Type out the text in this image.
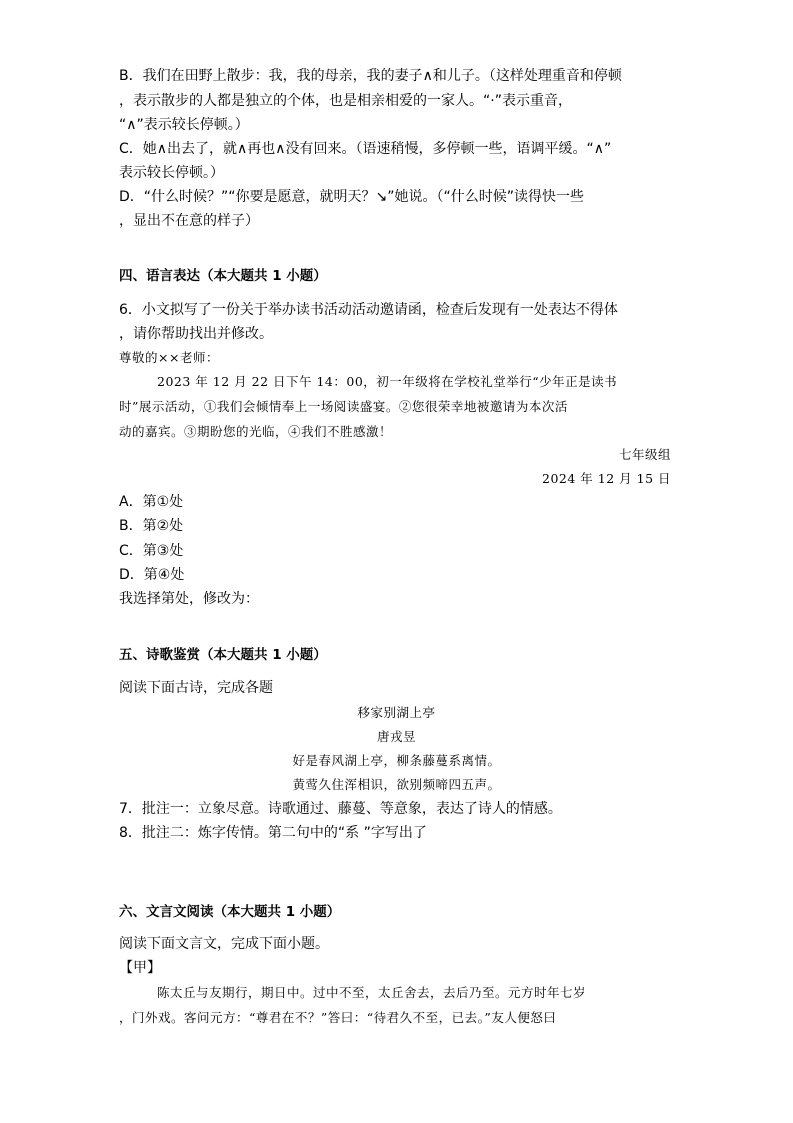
B．我们在田野上散步：我，我的母亲，我的妻子∧和儿子。（这样处理重音和停顿
，表示散步的人都是独立的个体，也是相亲相爱的一家人。“·”表示重音，
“∧”表示较长停顿。）
C．她∧出去了，就∧再也∧没有回来。（语速稍慢，多停顿一些，语调平缓。“∧”
表示较长停顿。）
D．“什么时候？”“你要是愿意，就明天？↘”她说。（“什么时候”读得快一些
，显出不在意的样子）
四、语言表达（本大题共 1 小题）
6．小文拟写了一份关于举办读书活动活动邀请函，检查后发现有一处表达不得体
，请你帮助找出并修改。
尊敬的××老师：
2023 年 12 月 22 日下午 14：00，初一年级将在学校礼堂举行“少年正是读书
时”展示活动，①我们会倾情奉上一场阅读盛宴。②您很荣幸地被邀请为本次活
动的嘉宾。③期盼您的光临，④我们不胜感激！
七年级组
2024 年 12 月 15 日
A．第①处
B．第②处
C．第③处
D．第④处
我选择第处，修改为：
五、诗歌鉴赏（本大题共 1 小题）
阅读下面古诗，完成各题
移家别湖上亭
唐戎昱
好是春风湖上亭，柳条藤蔓系离情。
黄莺久住浑相识，欲别频啼四五声。
7．批注一：立象尽意。诗歌通过、藤蔓、等意象，表达了诗人的情感。
8．批注二：炼字传情。第二句中的“系 ”字写出了
六、文言文阅读（本大题共 1 小题）
阅读下面文言文，完成下面小题。
【甲】
陈太丘与友期行，期日中。过中不至，太丘舍去，去后乃至。元方时年七岁
，门外戏。客问元方：“尊君在不？”答曰：“待君久不至，已去。”友人便怒曰
